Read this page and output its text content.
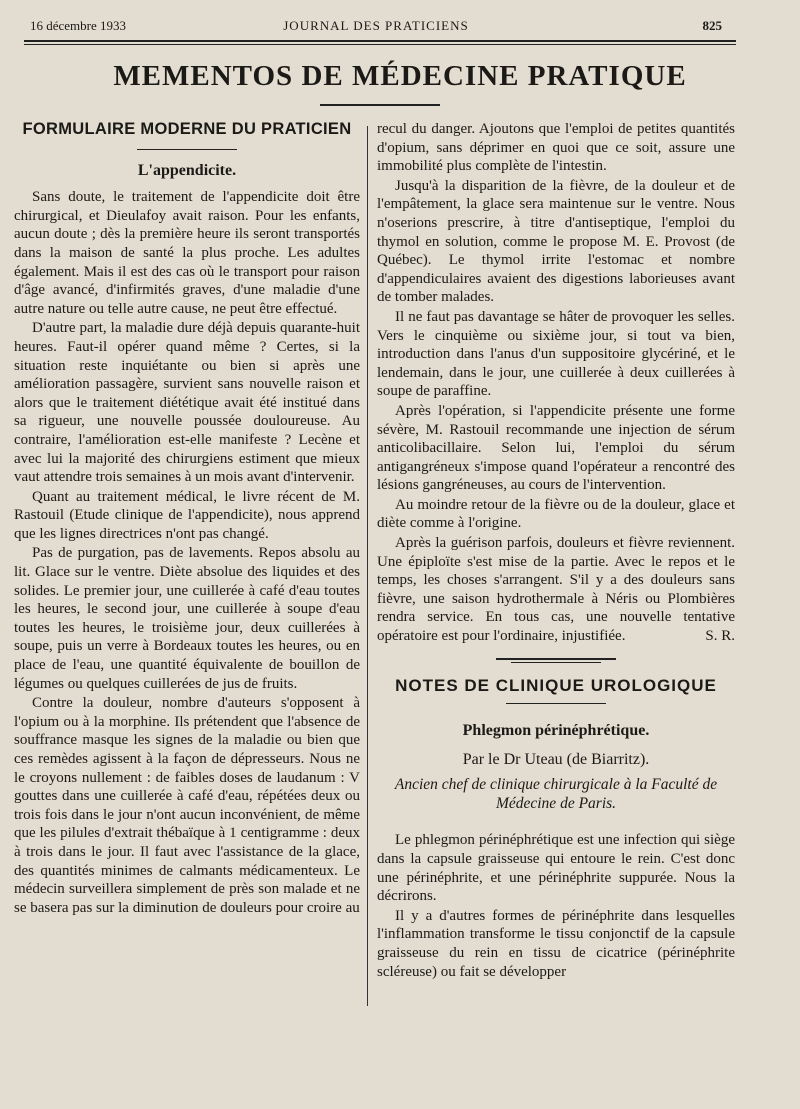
16 décembre 1933	JOURNAL DES PRATICIENS	825
MEMENTOS DE MÉDECINE PRATIQUE
FORMULAIRE MODERNE DU PRATICIEN
L'appendicite.

Sans doute, le traitement de l'appendicite doit être chirurgical, et Dieulafoy avait raison. Pour les enfants, aucun doute ; dès la première heure ils seront transportés dans la maison de santé la plus proche. Les adultes également. Mais il est des cas où le transport pour raison d'âge avancé, d'infirmités graves, d'une maladie d'une autre nature ou telle autre cause, ne peut être effectué.

D'autre part, la maladie dure déjà depuis quarante-huit heures. Faut-il opérer quand même ? Certes, si la situation reste inquiétante ou bien si après une amélioration passagère, survient sans nouvelle raison et alors que le traitement diététique avait été institué dans sa rigueur, une nouvelle poussée douloureuse. Au contraire, l'amélioration est-elle manifeste ? Lecène et avec lui la majorité des chirurgiens estiment que mieux vaut attendre trois semaines à un mois avant d'intervenir.

Quant au traitement médical, le livre récent de M. Rastouil (Etude clinique de l'appendicite), nous apprend que les lignes directrices n'ont pas changé.

Pas de purgation, pas de lavements. Repos absolu au lit. Glace sur le ventre. Diète absolue des liquides et des solides. Le premier jour, une cuillerée à café d'eau toutes les heures, le second jour, une cuillerée à soupe d'eau toutes les heures, le troisième jour, deux cuillerées à soupe, puis un verre à Bordeaux toutes les heures, ou en place de l'eau, une quantité équivalente de bouillon de légumes ou quelques cuillerées de jus de fruits.

Contre la douleur, nombre d'auteurs s'opposent à l'opium ou à la morphine. Ils prétendent que l'absence de souffrance masque les signes de la maladie ou bien que ces remèdes agissent à la façon de dépresseurs. Nous ne le croyons nullement : de faibles doses de laudanum : V gouttes dans une cuillerée à café d'eau, répétées deux ou trois fois dans le jour n'ont aucun inconvénient, de même que les pilules d'extrait thébaïque à 1 centigramme : deux à trois dans le jour. Il faut avec l'assistance de la glace, des quantités minimes de calmants médicamenteux. Le médecin surveillera simplement de près son malade et ne se basera pas sur la diminution de douleurs pour croire au

recul du danger. Ajoutons que l'emploi de petites quantités d'opium, sans déprimer en quoi que ce soit, assure une immobilité plus complète de l'intestin.

Jusqu'à la disparition de la fièvre, de la douleur et de l'empâtement, la glace sera maintenue sur le ventre. Nous n'oserions prescrire, à titre d'antiseptique, l'emploi du thymol en solution, comme le propose M. E. Provost (de Québec). Le thymol irrite l'estomac et nombre d'appendiculaires avaient des digestions laborieuses avant de tomber malades.

Il ne faut pas davantage se hâter de provoquer les selles. Vers le cinquième ou sixième jour, si tout va bien, introduction dans l'anus d'un suppositoire glycériné, et le lendemain, dans le jour, une cuillerée à deux cuillerées à soupe de paraffine.

Après l'opération, si l'appendicite présente une forme sévère, M. Rastouil recommande une injection de sérum anticolibacillaire. Selon lui, l'emploi du sérum antigangréneux s'impose quand l'opérateur a rencontré des lésions gangréneuses, au cours de l'intervention.

Au moindre retour de la fièvre ou de la douleur, glace et diète comme à l'origine.

Après la guérison parfois, douleurs et fièvre reviennent. Une épiploïte s'est mise de la partie. Avec le repos et le temps, les choses s'arrangent. S'il y a des douleurs sans fièvre, une saison hydrothermale à Néris ou Plombières rendra service. En tous cas, une nouvelle tentative opératoire est pour l'ordinaire, injustifiée.	S. R.

NOTES DE CLINIQUE UROLOGIQUE
Phlegmon périnéphrétique.
Par le Dr Uteau (de Biarritz).
Ancien chef de clinique chirurgicale à la Faculté de Médecine de Paris.

Le phlegmon périnéphrétique est une infection qui siège dans la capsule graisseuse qui entoure le rein. C'est donc une périnéphrite, et une périnéphrite suppurée. Nous la décrirons.

Il y a d'autres formes de périnéphrite dans lesquelles l'inflammation transforme le tissu conjonctif de la capsule graisseuse du rein en tissu de cicatrice (périnéphrite scléreuse) ou fait se développer
